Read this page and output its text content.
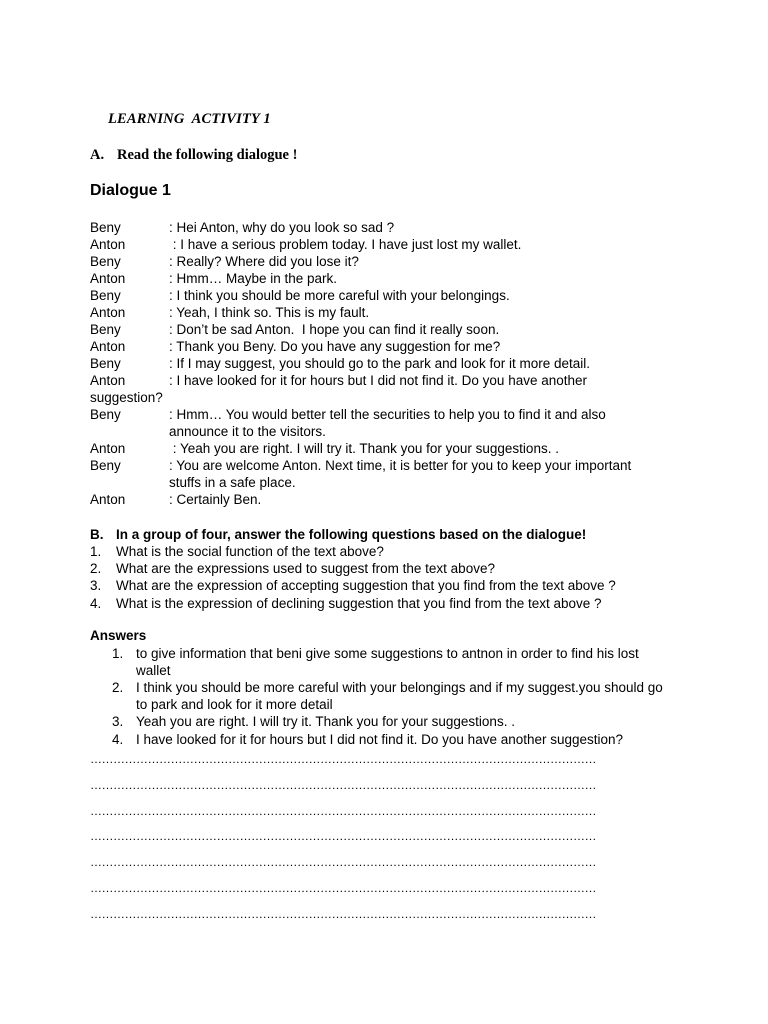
LEARNING  ACTIVITY 1
A. Read the following dialogue !
Dialogue 1
Beny	: Hei Anton, why do you look so sad ?
Anton	: I have a serious problem today. I have just lost my wallet.
Beny	: Really? Where did you lose it?
Anton	: Hmm… Maybe in the park.
Beny	: I think you should be more careful with your belongings.
Anton	: Yeah, I think so. This is my fault.
Beny	: Don’t be sad Anton.  I hope you can find it really soon.
Anton	: Thank you Beny. Do you have any suggestion for me?
Beny	: If I may suggest, you should go to the park and look for it more detail.
Anton	: I have looked for it for hours but I did not find it. Do you have another
suggestion?
Beny	: Hmm… You would better tell the securities to help you to find it and also
announce it to the visitors.
Anton	: Yeah you are right. I will try it. Thank you for your suggestions. .
Beny	: You are welcome Anton. Next time, it is better for you to keep your important
stuffs in a safe place.
Anton	: Certainly Ben.
B. In a group of four, answer the following questions based on the dialogue!
1.	What is the social function of the text above?
2.	What are the expressions used to suggest from the text above?
3.	What are the expression of accepting suggestion that you find from the text above ?
4.	What is the expression of declining suggestion that you find from the text above ?
Answers
1. to give information that beni give some suggestions to antnon in order to find his lost
wallet
2. I think you should be more careful with your belongings and if my suggest.you should go
to park and look for it more detail
3. Yeah you are right. I will try it. Thank you for your suggestions. .
4. I have looked for it for hours but I did not find it. Do you have another suggestion?
……………………………………………………………………………………………………………………
……………………………………………………………………………………………………………………
……………………………………………………………………………………………………………………
……………………………………………………………………………………………………………………
……………………………………………………………………………………………………………………
……………………………………………………………………………………………………………………
……………………………………………………………………………………………………………………
